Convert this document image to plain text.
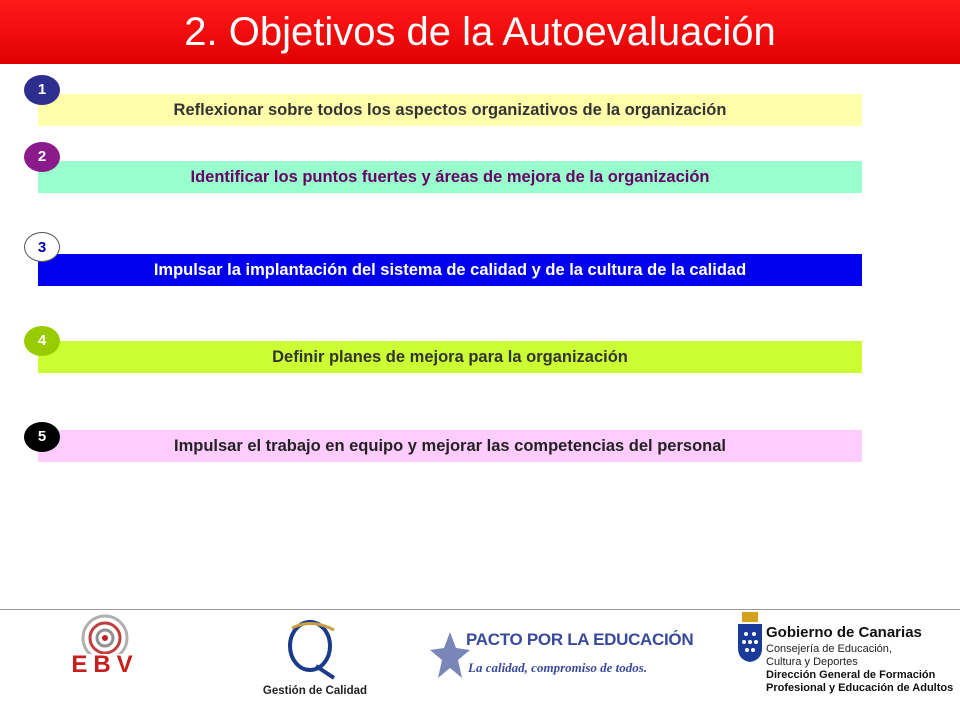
2. Objetivos de la Autoevaluación
Reflexionar sobre todos los aspectos organizativos de la organización
1
Identificar los puntos fuertes y áreas de mejora de la organización
2
Impulsar la implantación del sistema de calidad y de la cultura de la calidad
3
Definir planes de mejora para la organización
4
Impulsar el trabajo en equipo y mejorar las competencias del personal
5
EBV
Gestión de Calidad
PACTO POR LA EDUCACIÓN
La calidad, compromiso de todos.
Gobierno de Canarias
Consejería de Educación,
Cultura y Deportes
Dirección General de Formación
Profesional y Educación de Adultos
